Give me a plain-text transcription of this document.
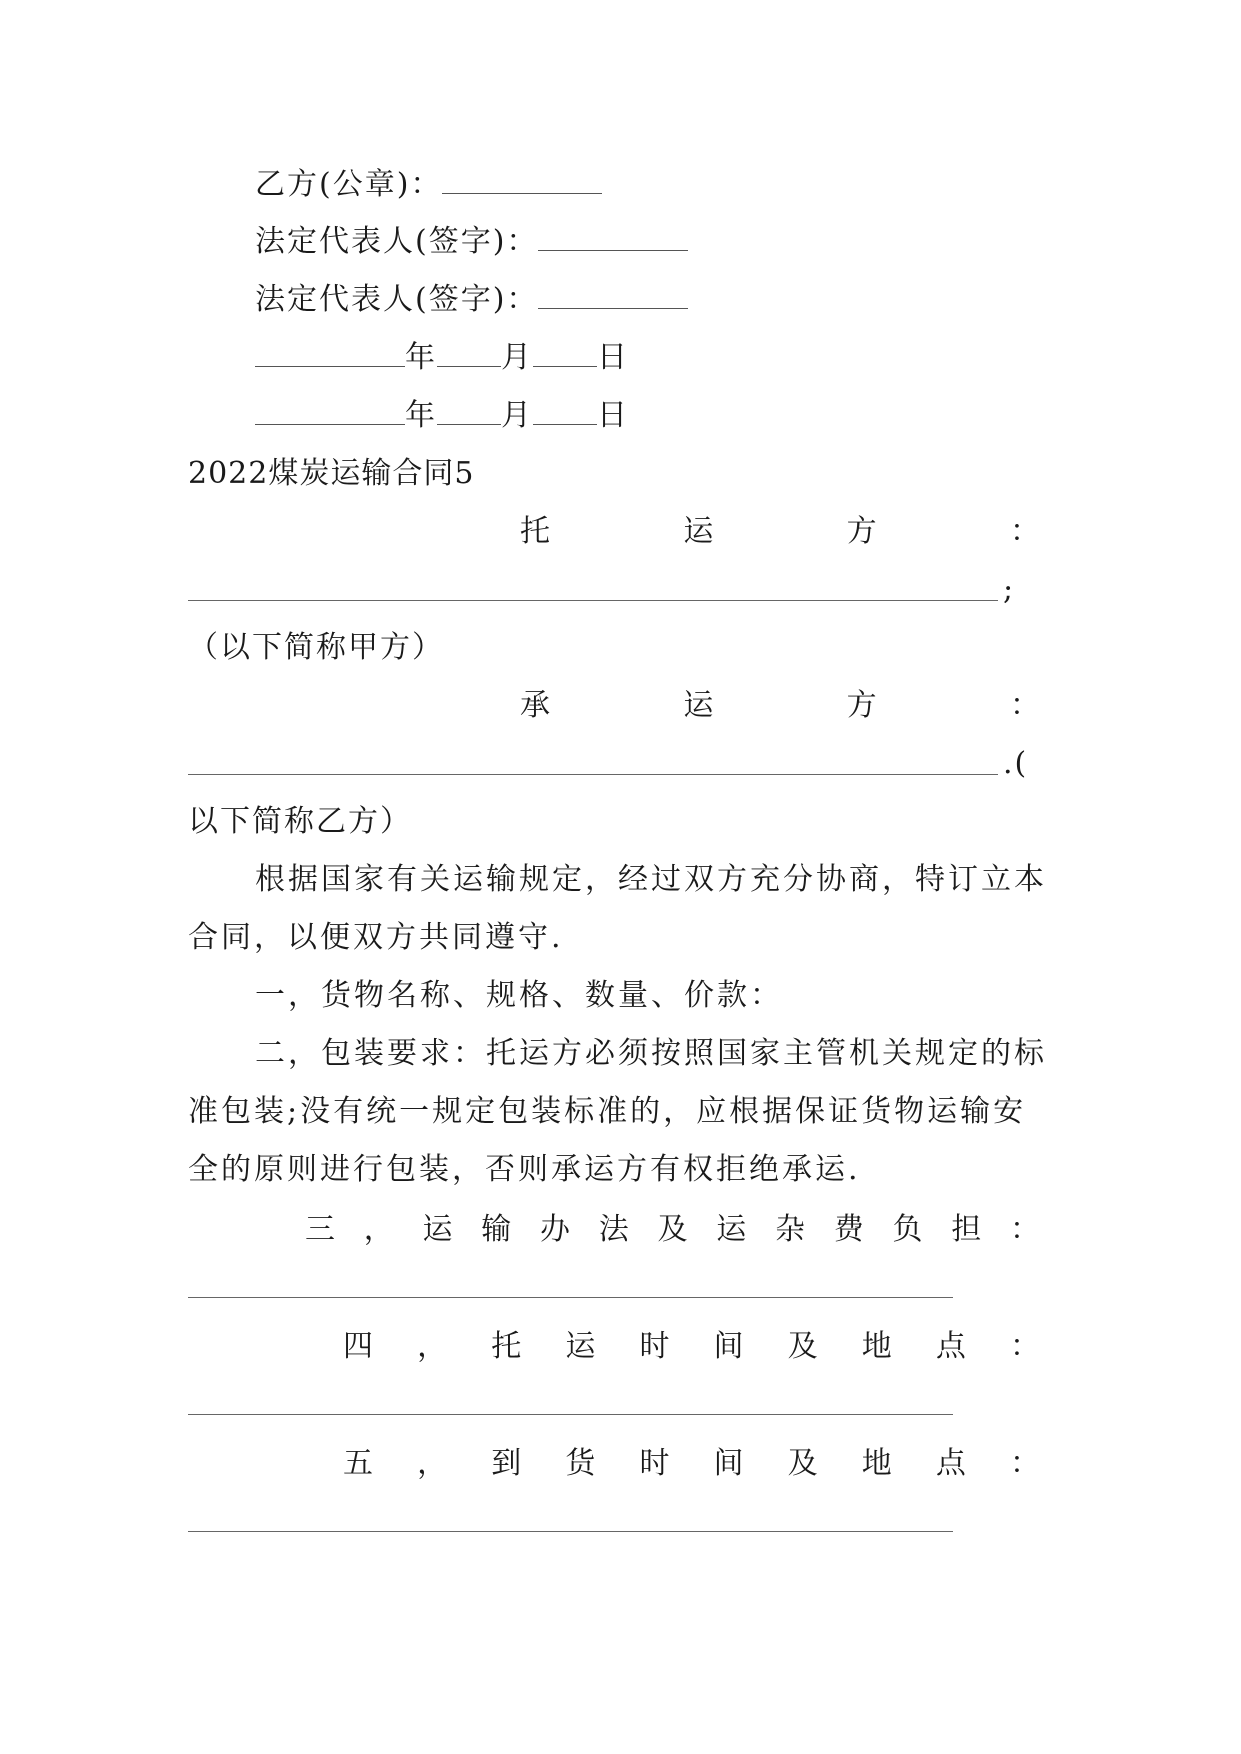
乙方(公章)：
法定代表人(签字)：
法定代表人(签字)：
年 月 日
年 月 日
2022煤炭运输合同5
托	运	方	：
;
（以下简称甲方）
承	运	方	：
.(
以下简称乙方）
根据国家有关运输规定，经过双方充分协商，特订立本
合同，以便双方共同遵守.
一，货物名称、规格、数量、价款：
二，包装要求：托运方必须按照国家主管机关规定的标
准包装;没有统一规定包装标准的，应根据保证货物运输安
全的原则进行包装，否则承运方有权拒绝承运.
三 ， 运 输 办 法 及 运 杂 费 负 担 ：
四 ， 托 运 时 间 及 地 点 ：
五 ， 到 货 时 间 及 地 点 ：
